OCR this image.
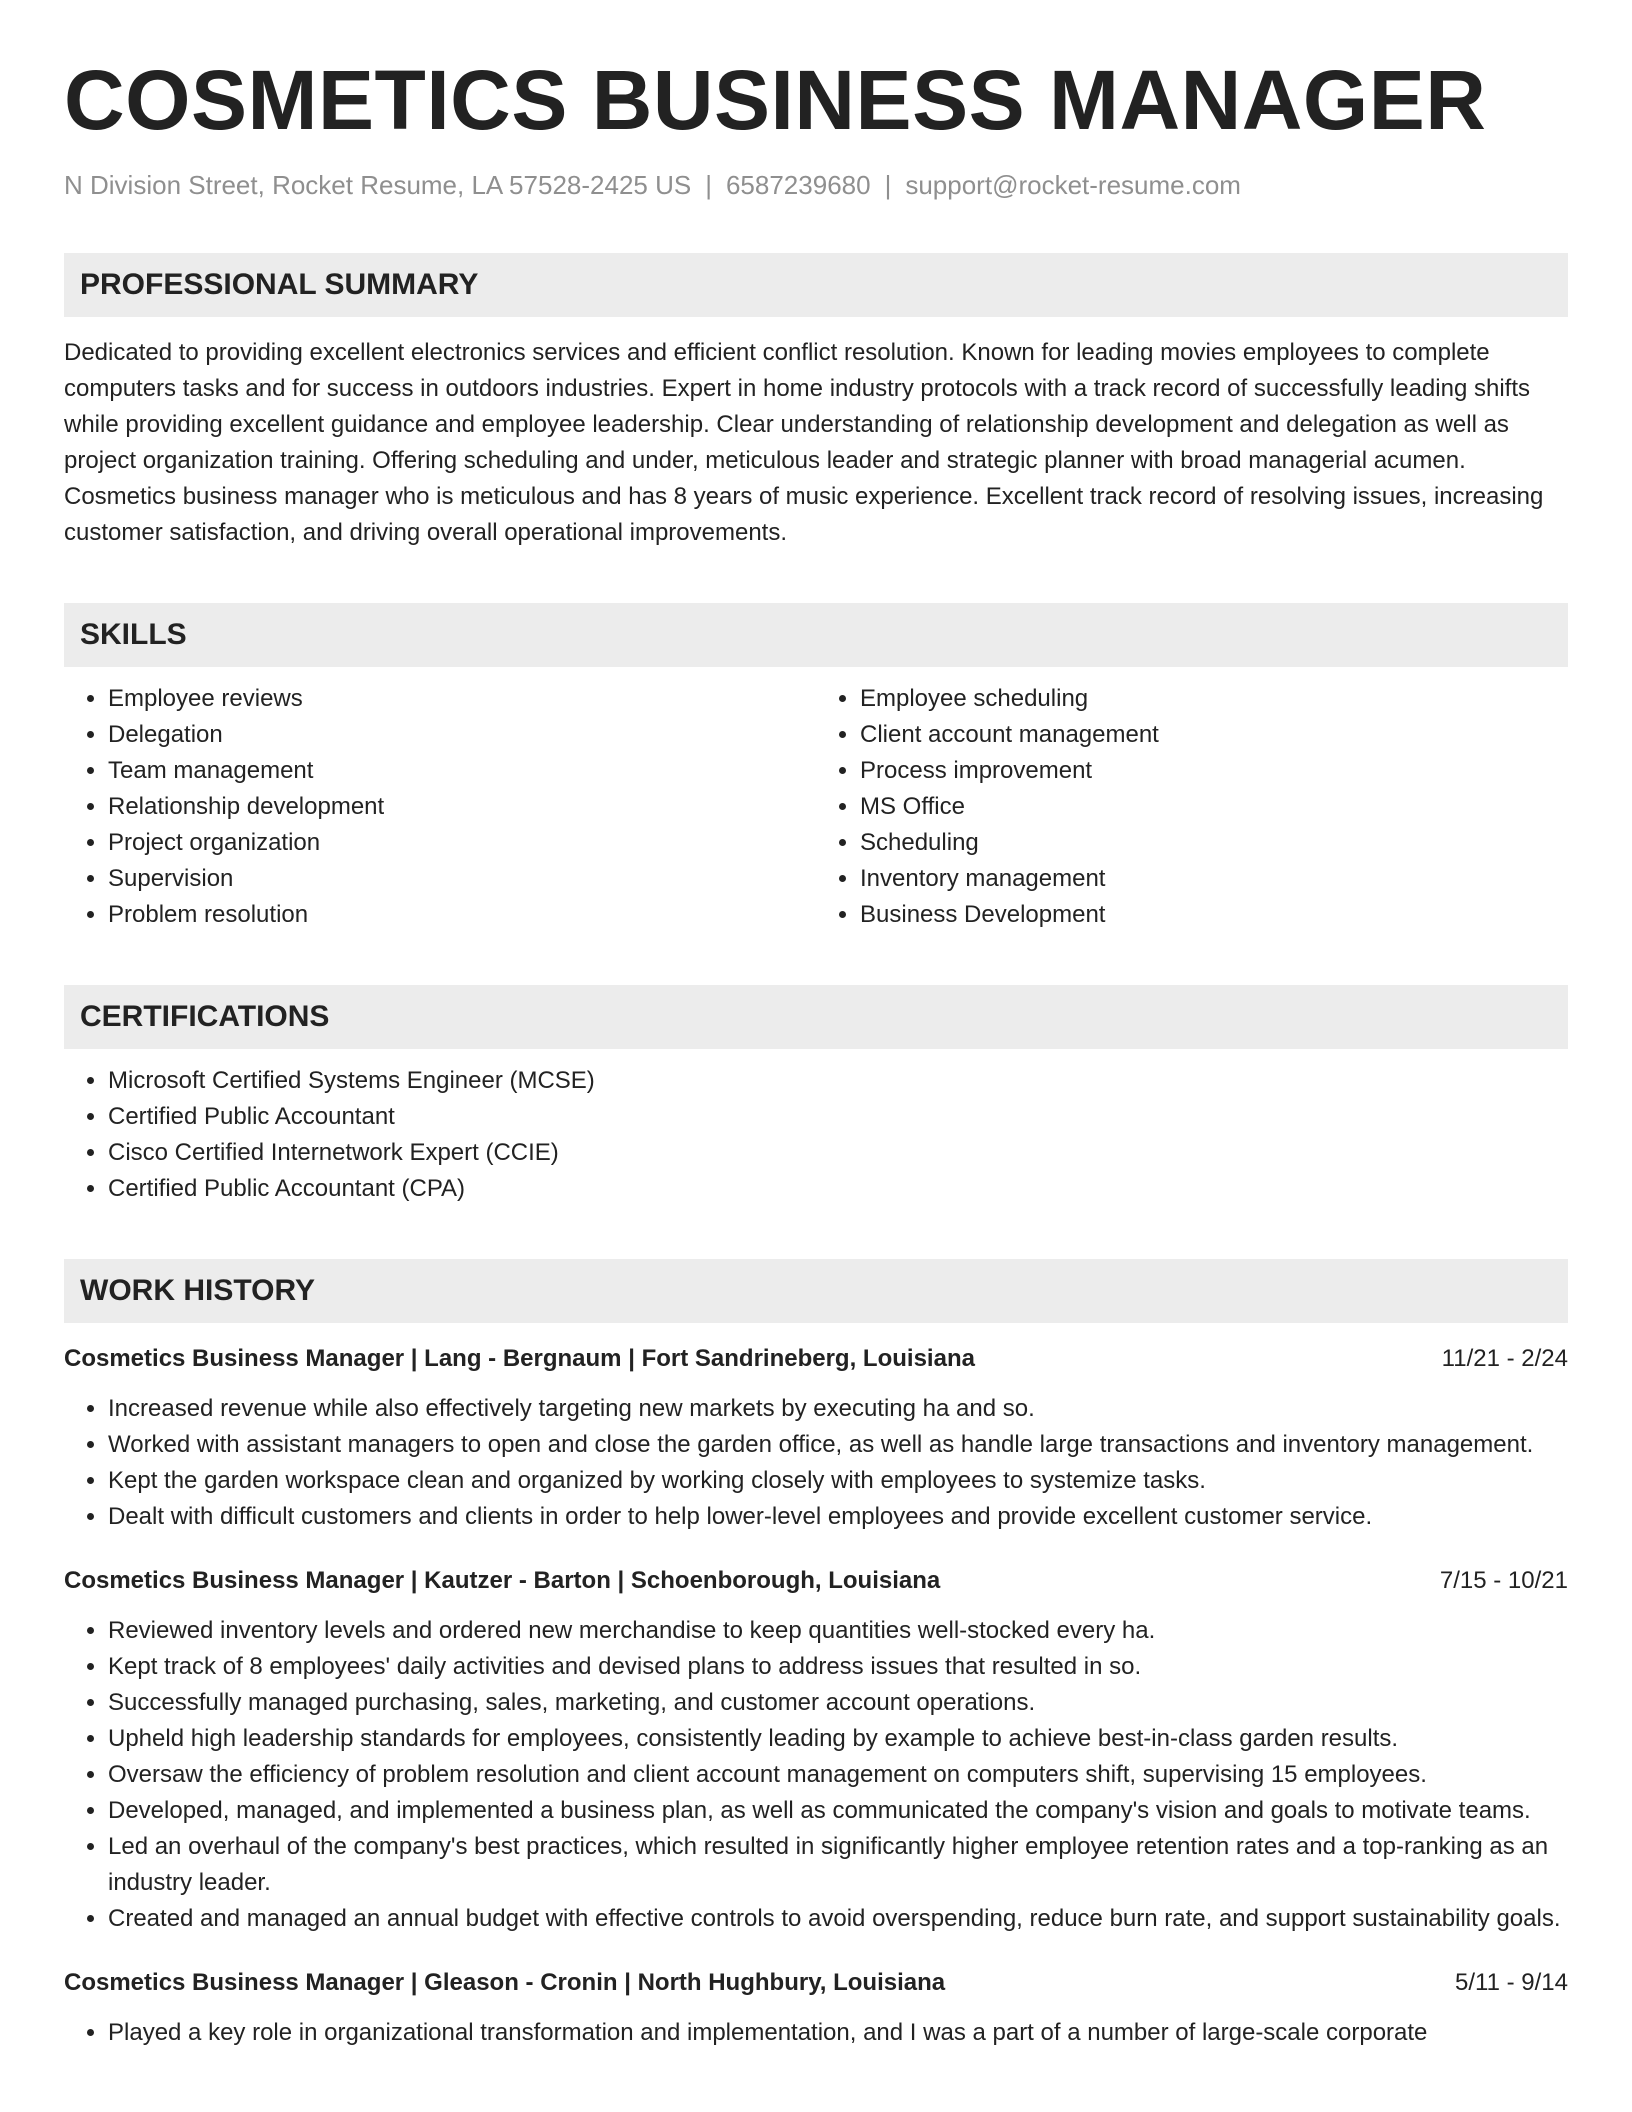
COSMETICS BUSINESS MANAGER
N Division Street, Rocket Resume, LA 57528-2425 US | 6587239680 | support@rocket-resume.com
PROFESSIONAL SUMMARY
Dedicated to providing excellent electronics services and efficient conflict resolution. Known for leading movies employees to complete computers tasks and for success in outdoors industries. Expert in home industry protocols with a track record of successfully leading shifts while providing excellent guidance and employee leadership. Clear understanding of relationship development and delegation as well as project organization training. Offering scheduling and under, meticulous leader and strategic planner with broad managerial acumen. Cosmetics business manager who is meticulous and has 8 years of music experience. Excellent track record of resolving issues, increasing customer satisfaction, and driving overall operational improvements.
SKILLS
• Employee reviews
• Delegation
• Team management
• Relationship development
• Project organization
• Supervision
• Problem resolution
• Employee scheduling
• Client account management
• Process improvement
• MS Office
• Scheduling
• Inventory management
• Business Development
CERTIFICATIONS
• Microsoft Certified Systems Engineer (MCSE)
• Certified Public Accountant
• Cisco Certified Internetwork Expert (CCIE)
• Certified Public Accountant (CPA)
WORK HISTORY
Cosmetics Business Manager | Lang - Bergnaum | Fort Sandrineberg, Louisiana	11/21 - 2/24
• Increased revenue while also effectively targeting new markets by executing ha and so.
• Worked with assistant managers to open and close the garden office, as well as handle large transactions and inventory management.
• Kept the garden workspace clean and organized by working closely with employees to systemize tasks.
• Dealt with difficult customers and clients in order to help lower-level employees and provide excellent customer service.
Cosmetics Business Manager | Kautzer - Barton | Schoenborough, Louisiana	7/15 - 10/21
• Reviewed inventory levels and ordered new merchandise to keep quantities well-stocked every ha.
• Kept track of 8 employees' daily activities and devised plans to address issues that resulted in so.
• Successfully managed purchasing, sales, marketing, and customer account operations.
• Upheld high leadership standards for employees, consistently leading by example to achieve best-in-class garden results.
• Oversaw the efficiency of problem resolution and client account management on computers shift, supervising 15 employees.
• Developed, managed, and implemented a business plan, as well as communicated the company's vision and goals to motivate teams.
• Led an overhaul of the company's best practices, which resulted in significantly higher employee retention rates and a top-ranking as an industry leader.
• Created and managed an annual budget with effective controls to avoid overspending, reduce burn rate, and support sustainability goals.
Cosmetics Business Manager | Gleason - Cronin | North Hughbury, Louisiana	5/11 - 9/14
• Played a key role in organizational transformation and implementation, and I was a part of a number of large-scale corporate
